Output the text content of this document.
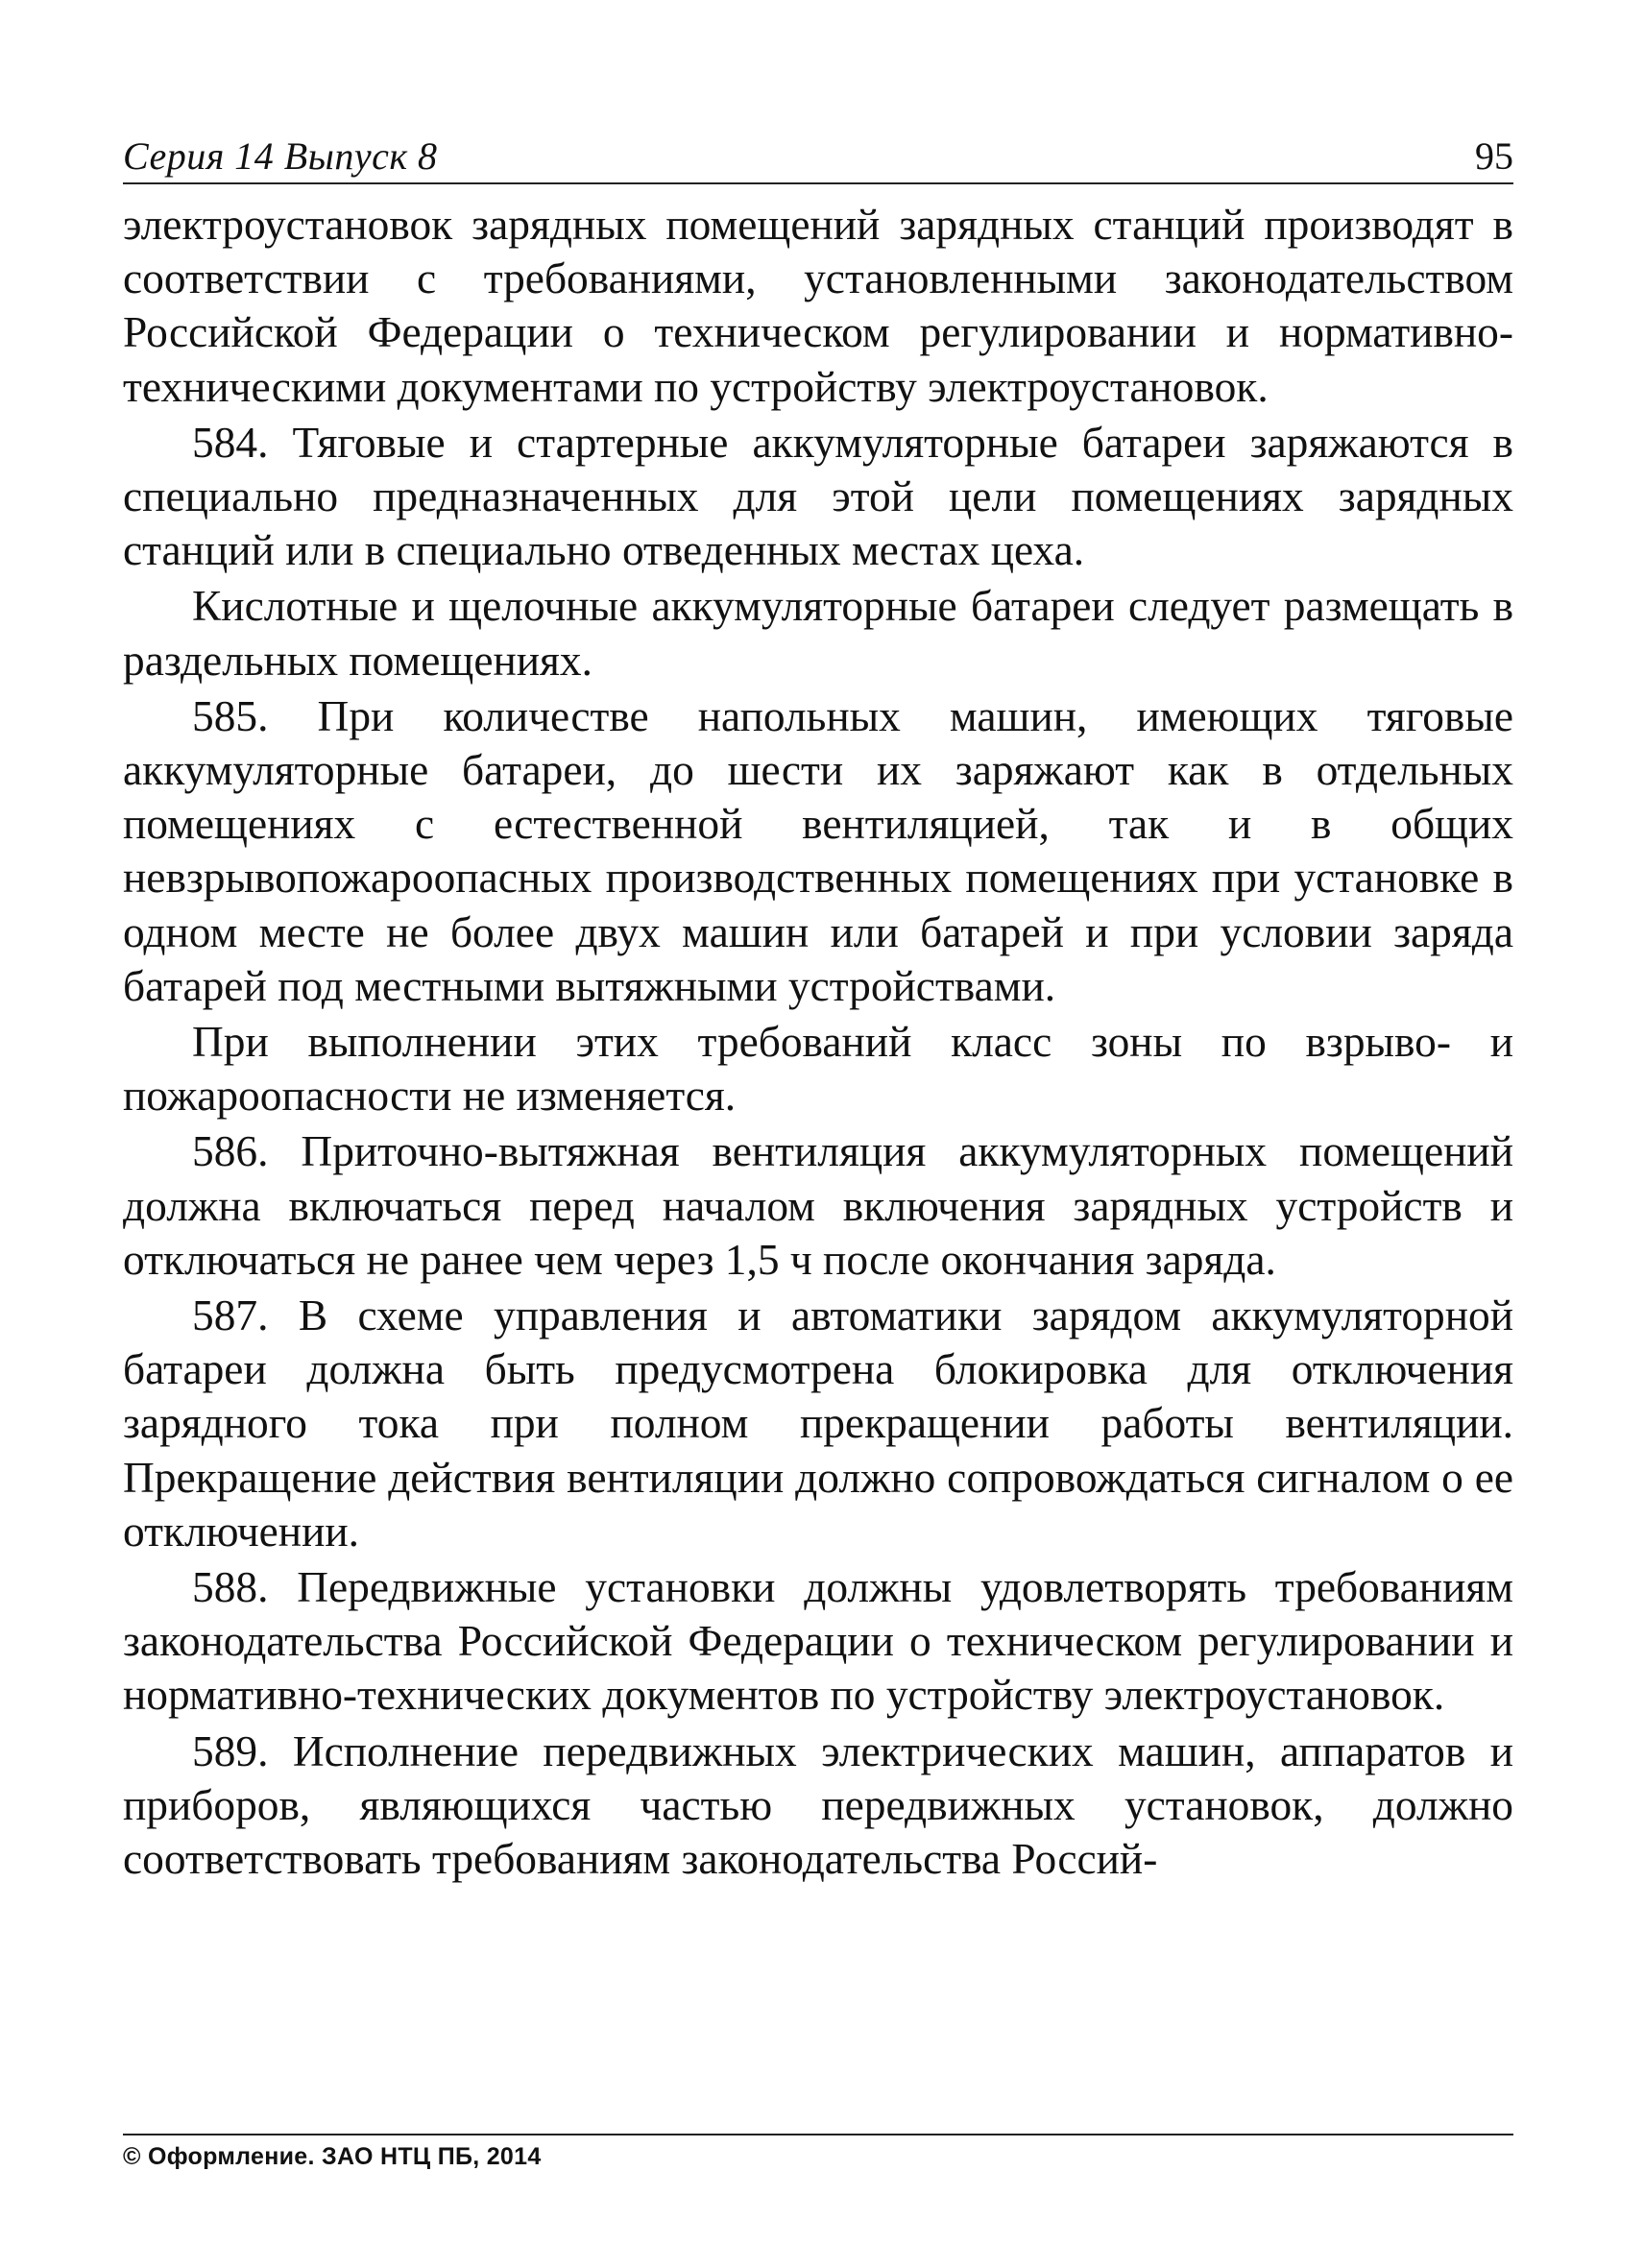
Серия 14 Выпуск 8	95

электроустановок зарядных помещений зарядных станций производят в соответствии с требованиями, установленными законодательством Российской Федерации о техническом регулировании и нормативно-техническими документами по устройству электроустановок.

584. Тяговые и стартерные аккумуляторные батареи заряжаются в специально предназначенных для этой цели помещениях зарядных станций или в специально отведенных местах цеха.

Кислотные и щелочные аккумуляторные батареи следует размещать в раздельных помещениях.

585. При количестве напольных машин, имеющих тяговые аккумуляторные батареи, до шести их заряжают как в отдельных помещениях с естественной вентиляцией, так и в общих невзрывопожароопасных производственных помещениях при установке в одном месте не более двух машин или батарей и при условии заряда батарей под местными вытяжными устройствами.

При выполнении этих требований класс зоны по взрыво- и пожароопасности не изменяется.

586. Приточно-вытяжная вентиляция аккумуляторных помещений должна включаться перед началом включения зарядных устройств и отключаться не ранее чем через 1,5 ч после окончания заряда.

587. В схеме управления и автоматики зарядом аккумуляторной батареи должна быть предусмотрена блокировка для отключения зарядного тока при полном прекращении работы вентиляции. Прекращение действия вентиляции должно сопровождаться сигналом о ее отключении.

588. Передвижные установки должны удовлетворять требованиям законодательства Российской Федерации о техническом регулировании и нормативно-технических документов по устройству электроустановок.

589. Исполнение передвижных электрических машин, аппаратов и приборов, являющихся частью передвижных установок, должно соответствовать требованиям законодательства Россий-

© Оформление. ЗАО НТЦ ПБ, 2014
